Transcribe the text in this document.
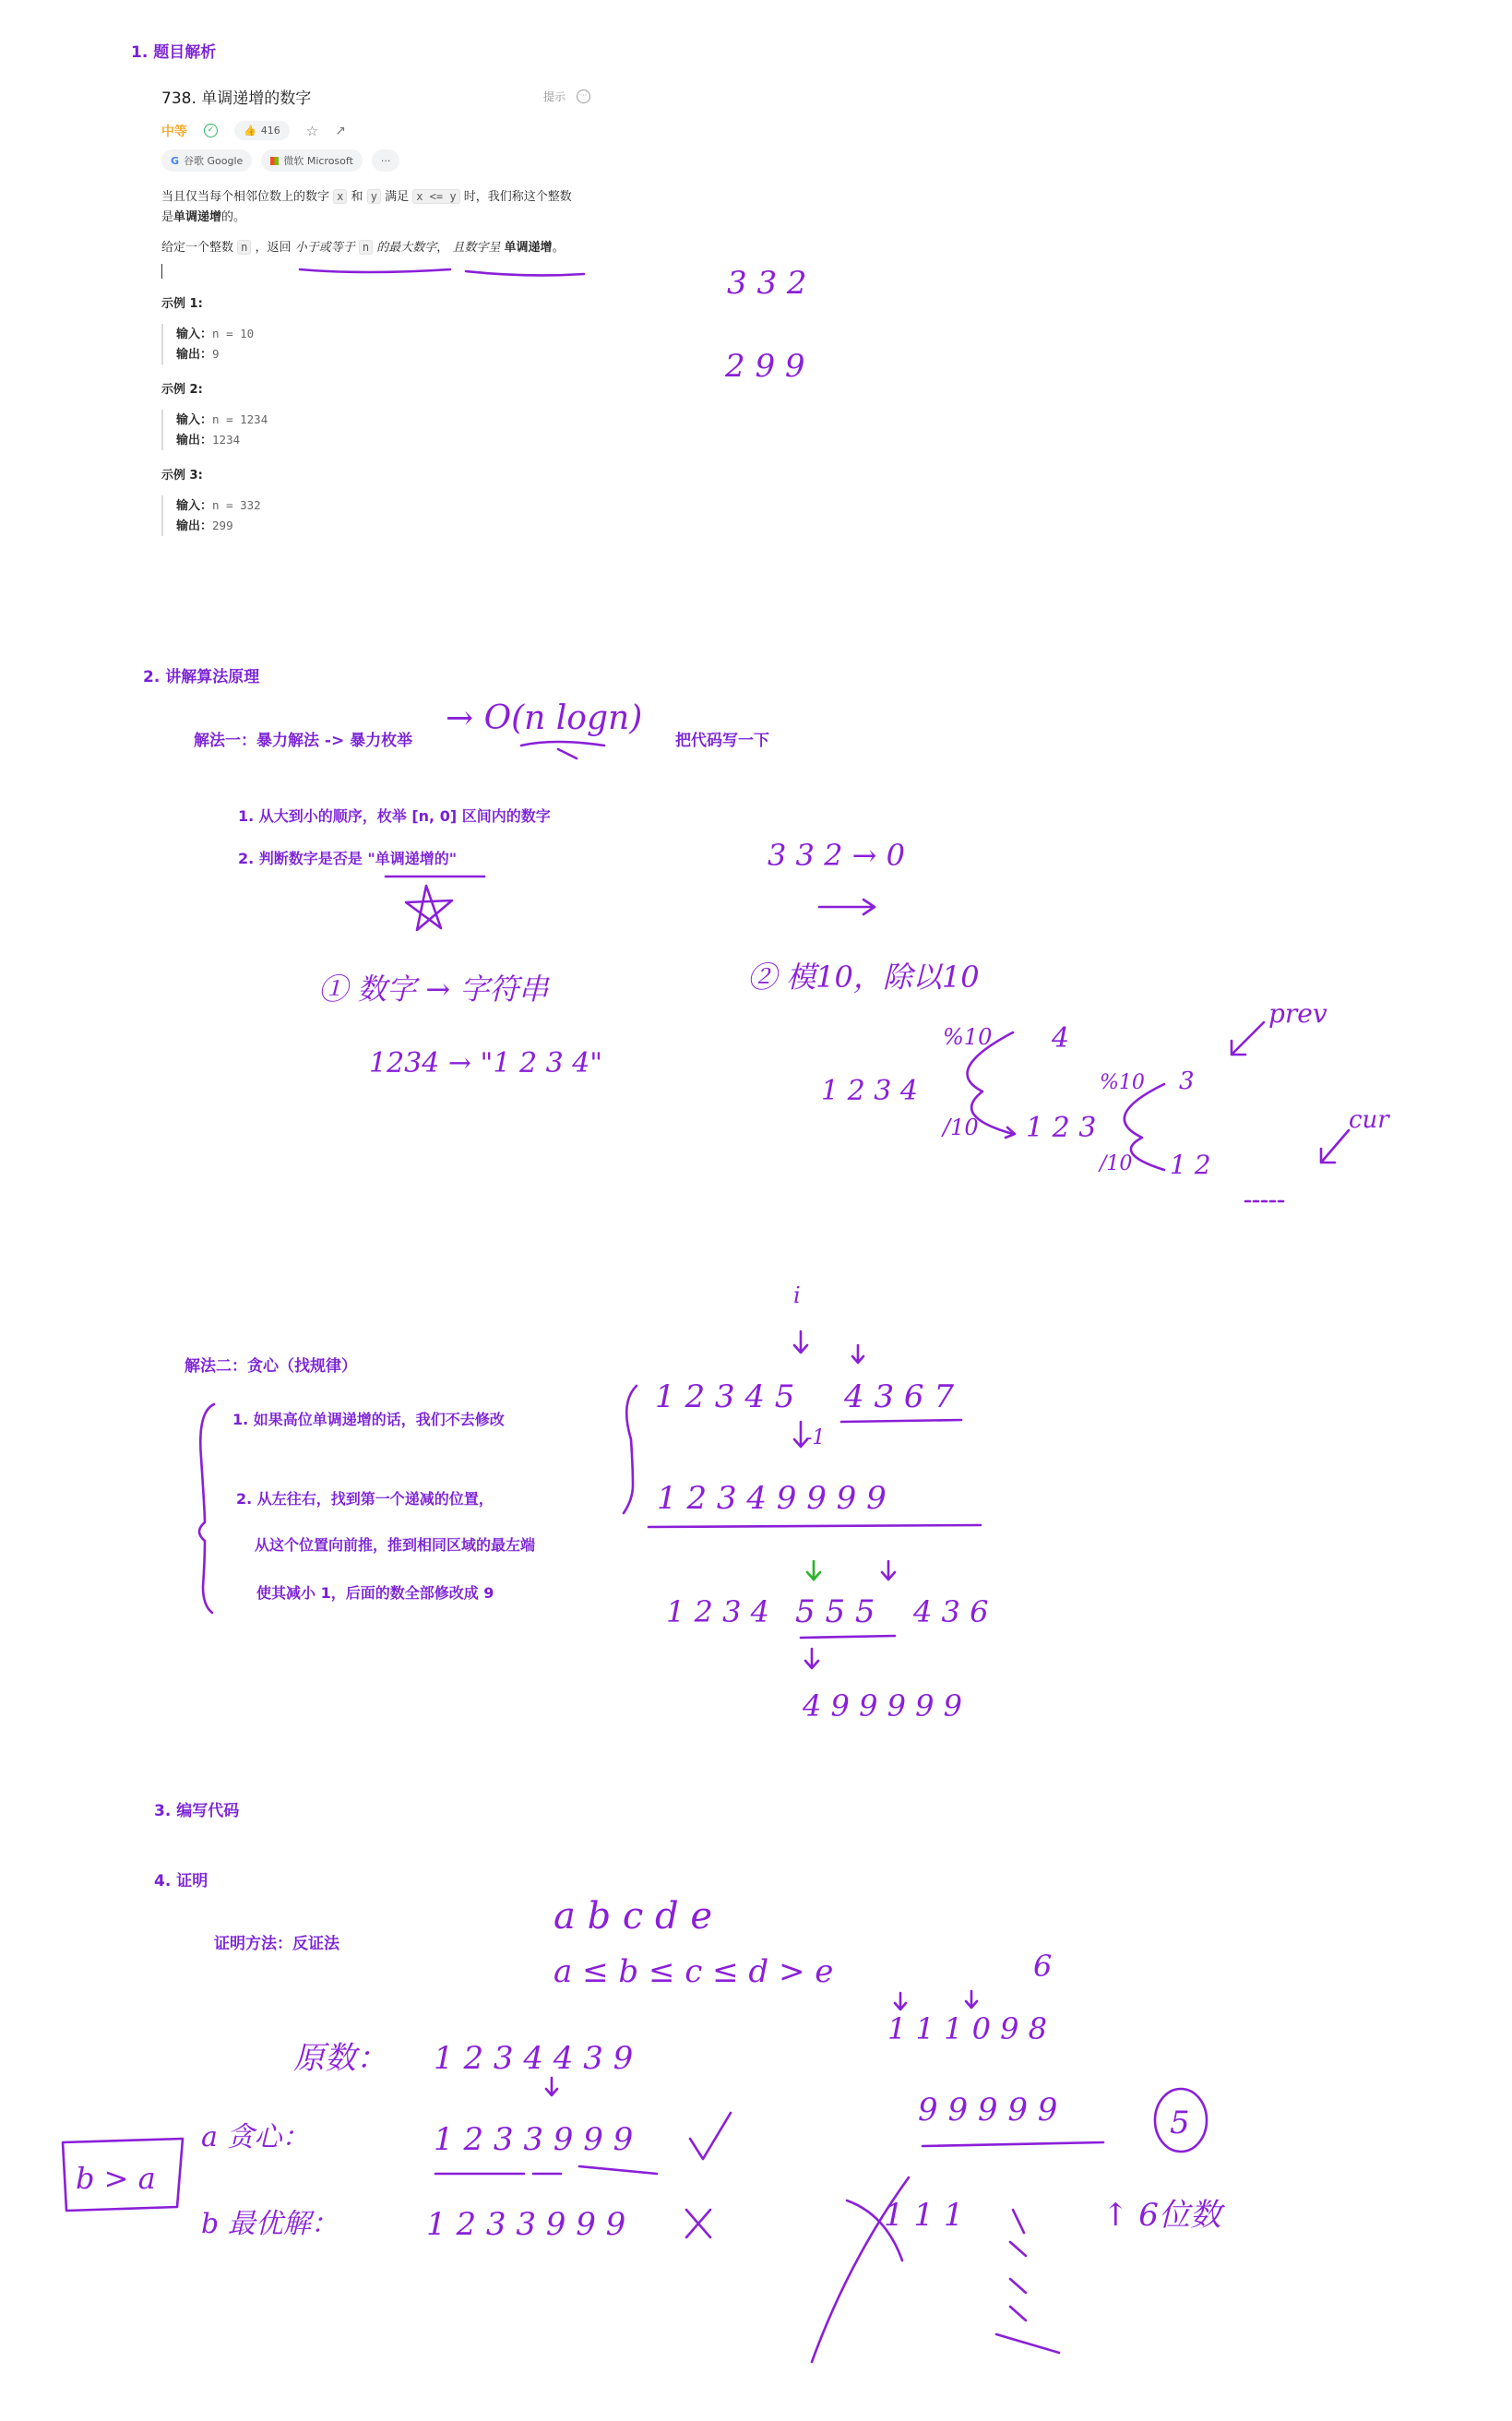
1. 题目解析
738. 单调递增的数字	提示	···
中等	✓	👍 416 ☆ ↗
G 谷歌 Google	微软 Microsoft	···
当且仅当每个相邻位数上的数字 x 和 y 满足 x <= y 时，我们称这个整数
是单调递增的。
给定一个整数 n ，返回 小于或等于 n 的最大数字， 且数字呈 单调递增。
示例 1:
输入：n = 10
输出：9
示例 2:
输入：n = 1234
输出：1234
示例 3:
输入：n = 332
输出：299
2. 讲解算法原理
解法一：暴力解法 -> 暴力枚举	把代码写一下
1. 从大到小的顺序，枚举 [n, 0] 区间内的数字
2. 判断数字是否是 "单调递增的"
解法二：贪心（找规律）
1. 如果高位单调递增的话，我们不去修改
2. 从左往右，找到第一个递减的位置，
从这个位置向前推，推到相同区域的最左端
使其减小 1，后面的数全部修改成 9
3. 编写代码
4. 证明
证明方法：反证法
3 3 2
2 9 9
→ O(n logn)
3 3 2 → 0
① 数字 → 字符串
1234 → "1 2 3 4"
② 模10，除以10
1 2 3 4
%10
/10
4
1 2 3
%10
/10
3
1 2
prev
cur
i
1 2 3 4 5 4 3 6 7
-1
1 2 3 4 9 9 9 9
1 2 3 4 5 5 5 4 3 6
4 9 9 9 9 9
a b c d e
a ≤ b ≤ c ≤ d > e
原数： 1 2 3 4 4 3 9
a 贪心：	1 2 3 3 9 9 9
b 最优解：	1 2 3 3 9 9 9
b > a
6
1 1 1 0 9 8
9 9 9 9 9	5
1 1 1	↑ 6位数
